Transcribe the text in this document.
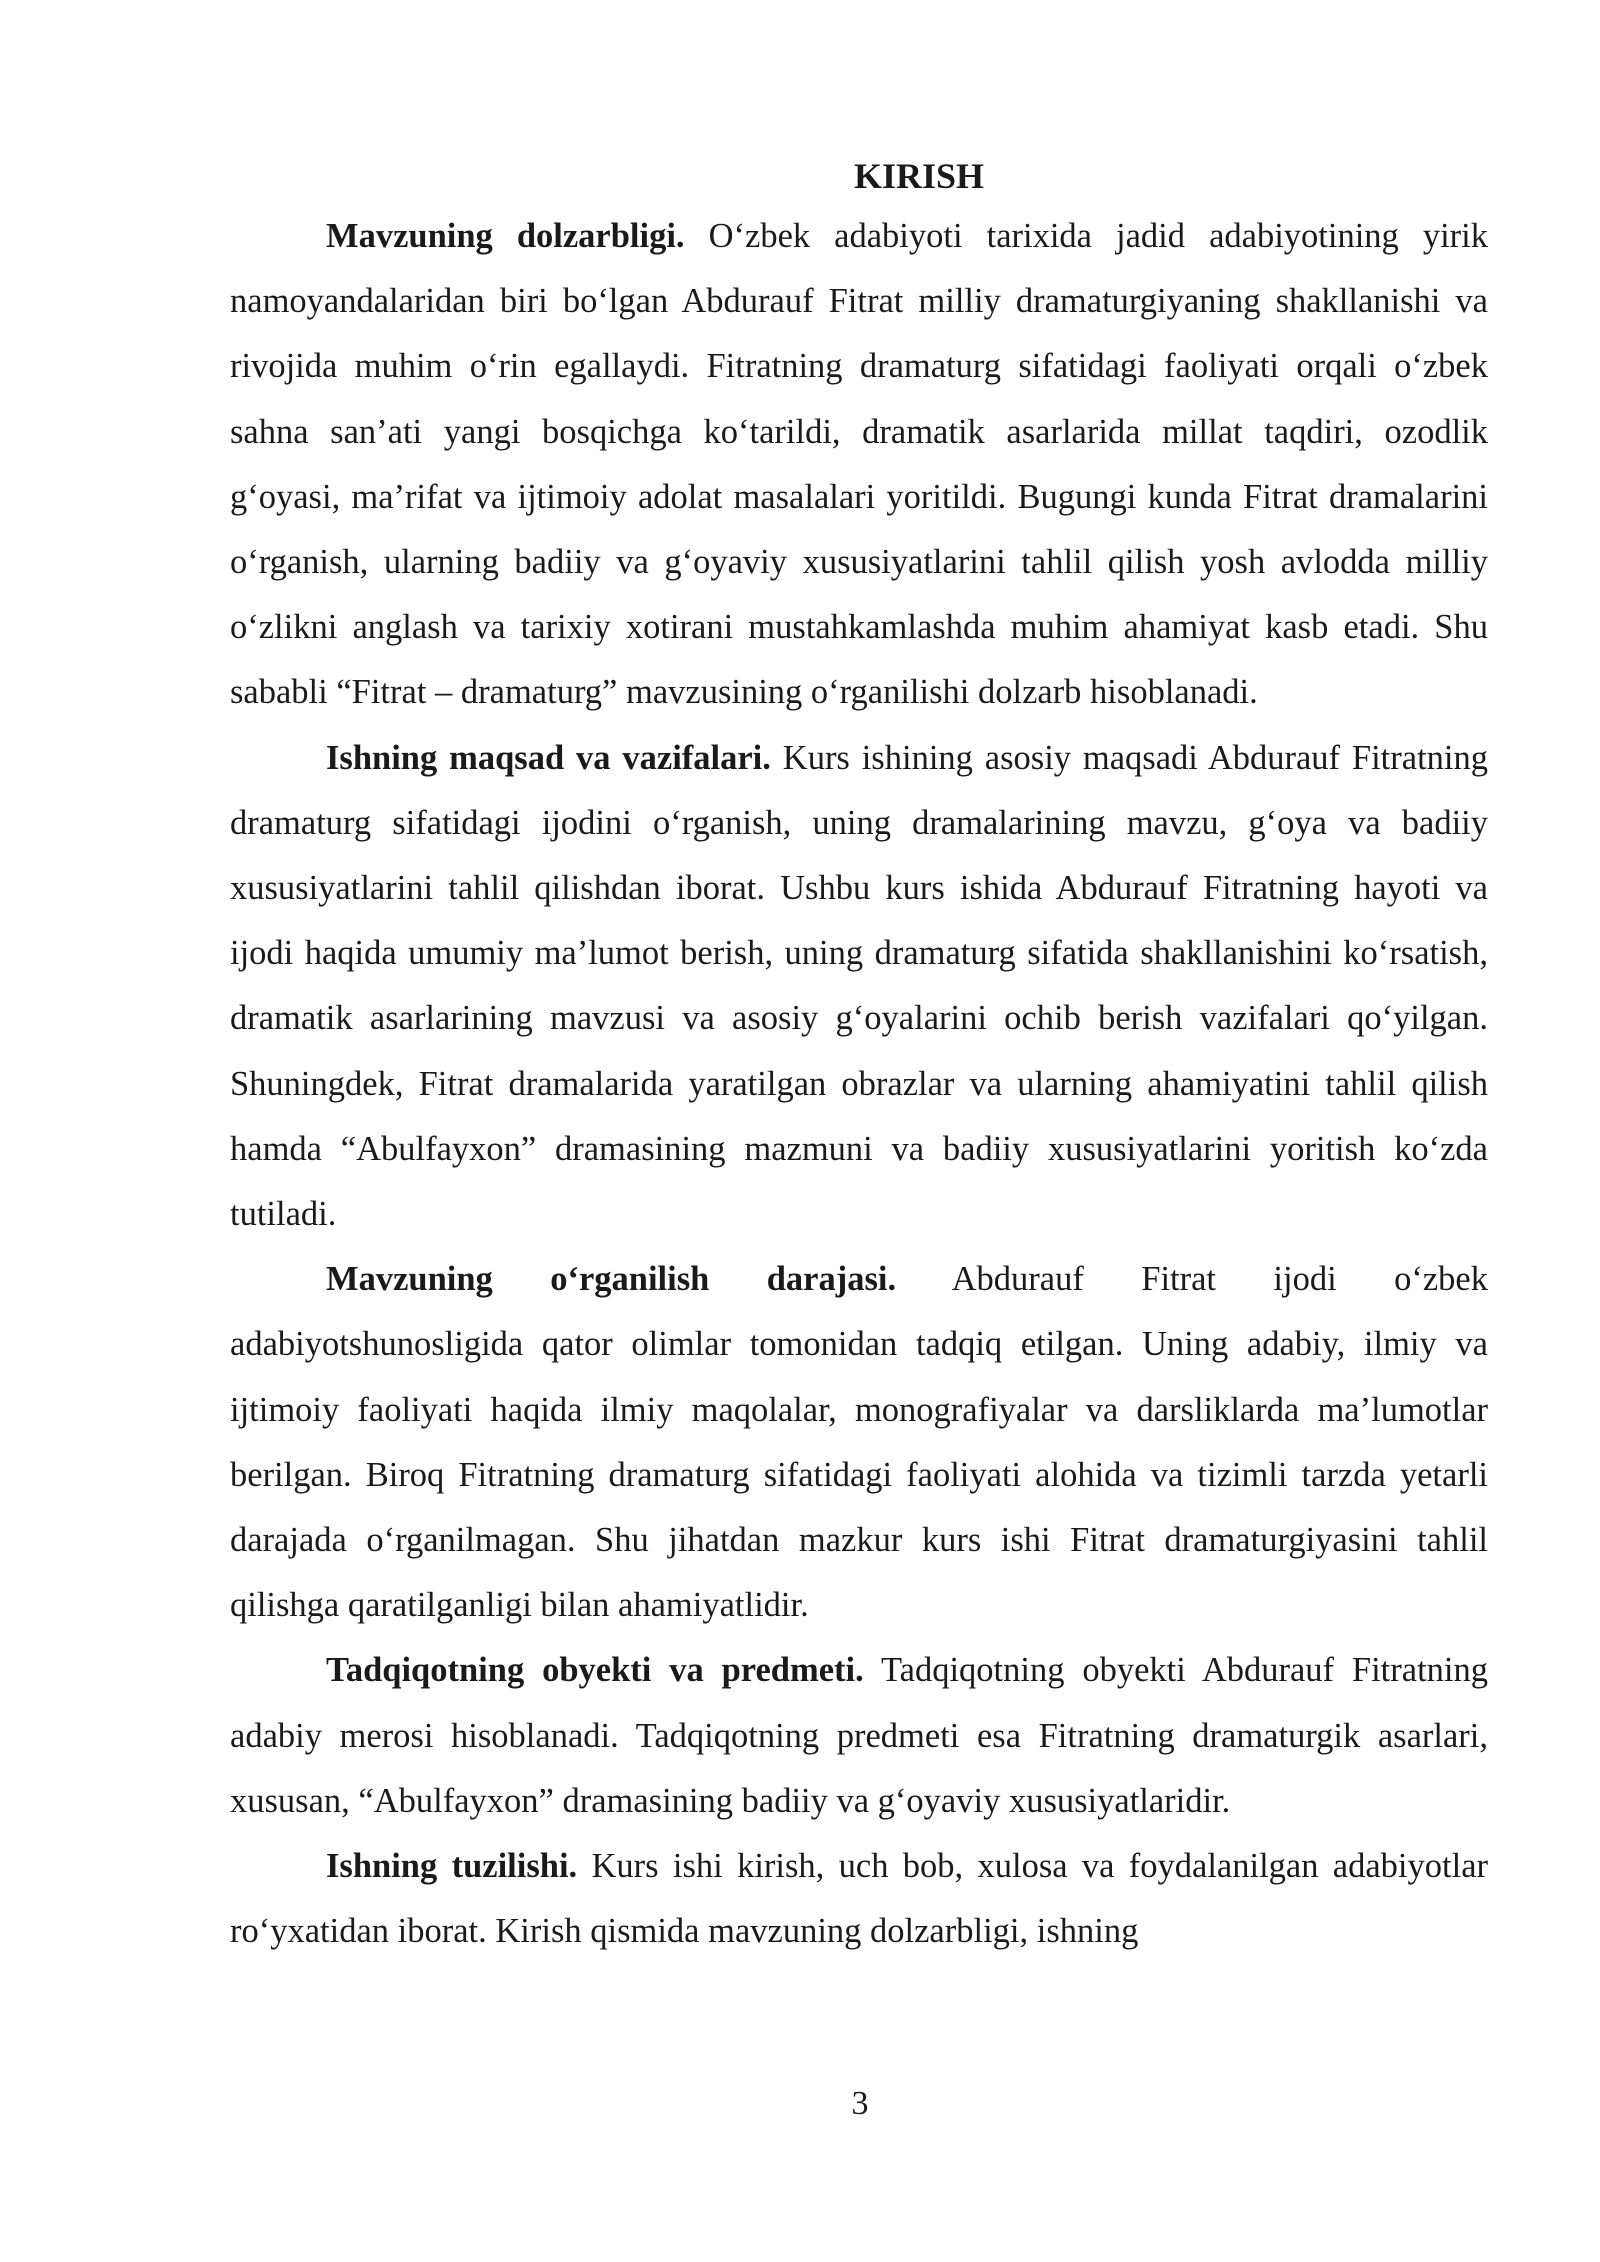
KIRISH

Mavzuning dolzarbligi. O‘zbek adabiyoti tarixida jadid adabiyotining yirik namoyandalaridan biri bo‘lgan Abdurauf Fitrat milliy dramaturgiyaning shakllanishi va rivojida muhim o‘rin egallaydi. Fitratning dramaturg sifatidagi faoliyati orqali o‘zbek sahna san’ati yangi bosqichga ko‘tarildi, dramatik asarlarida millat taqdiri, ozodlik g‘oyasi, ma’rifat va ijtimoiy adolat masalalari yoritildi. Bugungi kunda Fitrat dramalarini o‘rganish, ularning badiiy va g‘oyaviy xususiyatlarini tahlil qilish yosh avlodda milliy o‘zlikni anglash va tarixiy xotirani mustahkamlashda muhim ahamiyat kasb etadi. Shu sababli “Fitrat – dramaturg” mavzusining o‘rganilishi dolzarb hisoblanadi.

Ishning maqsad va vazifalari. Kurs ishining asosiy maqsadi Abdurauf Fitratning dramaturg sifatidagi ijodini o‘rganish, uning dramalarining mavzu, g‘oya va badiiy xususiyatlarini tahlil qilishdan iborat. Ushbu kurs ishida Abdurauf Fitratning hayoti va ijodi haqida umumiy ma’lumot berish, uning dramaturg sifatida shakllanishini ko‘rsatish, dramatik asarlarining mavzusi va asosiy g‘oyalarini ochib berish vazifalari qo‘yilgan. Shuningdek, Fitrat dramalarida yaratilgan obrazlar va ularning ahamiyatini tahlil qilish hamda “Abulfayxon” dramasining mazmuni va badiiy xususiyatlarini yoritish ko‘zda tutiladi.

Mavzuning o‘rganilish darajasi. Abdurauf Fitrat ijodi o‘zbek adabiyotshunosligida qator olimlar tomonidan tadqiq etilgan. Uning adabiy, ilmiy va ijtimoiy faoliyati haqida ilmiy maqolalar, monografiyalar va darsliklarda ma’lumotlar berilgan. Biroq Fitratning dramaturg sifatidagi faoliyati alohida va tizimli tarzda yetarli darajada o‘rganilmagan. Shu jihatdan mazkur kurs ishi Fitrat dramaturgiyasini tahlil qilishga qaratilganligi bilan ahamiyatlidir.

Tadqiqotning obyekti va predmeti. Tadqiqotning obyekti Abdurauf Fitratning adabiy merosi hisoblanadi. Tadqiqotning predmeti esa Fitratning dramaturgik asarlari, xususan, “Abulfayxon” dramasining badiiy va g‘oyaviy xususiyatlaridir.

Ishning tuzilishi. Kurs ishi kirish, uch bob, xulosa va foydalanilgan adabiyotlar ro‘yxatidan iborat. Kirish qismida mavzuning dolzarbligi, ishning

3
